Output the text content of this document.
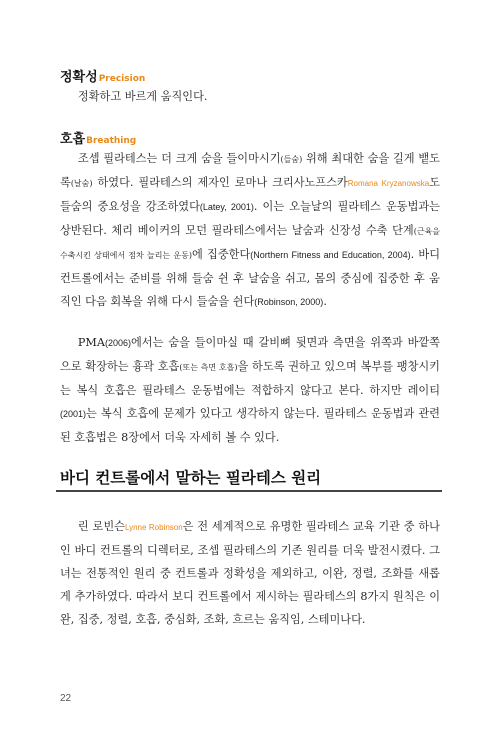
정확성Precision

정확하고 바르게 움직인다.

호흡Breathing

조셉 필라테스는 더 크게 숨을 들이마시기(들숨) 위해 최대한 숨을 길게 뱉도록(날숨) 하였다. 필라테스의 제자인 로마나 크리사노프스카Romana Kryzanowska도 들숨의 중요성을 강조하였다(Latey, 2001). 이는 오늘날의 필라테스 운동법과는 상반된다. 체리 베이커의 모던 필라테스에서는 날숨과 신장성 수축 단계(근육을 수축시킨 상태에서 점차 늘리는 운동)에 집중한다(Northern Fitness and Education, 2004). 바디 컨트롤에서는 준비를 위해 들숨 쉰 후 날숨을 쉬고, 몸의 중심에 집중한 후 움직인 다음 회복을 위해 다시 들숨을 쉰다(Robinson, 2000).

PMA(2006)에서는 숨을 들이마실 때 갈비뼈 뒷면과 측면을 위쪽과 바깥쪽으로 확장하는 흉곽 호흡(또는 측면 호흡)을 하도록 권하고 있으며 복부를 팽창시키는 복식 호흡은 필라테스 운동법에는 적합하지 않다고 본다. 하지만 레이티(2001)는 복식 호흡에 문제가 있다고 생각하지 않는다. 필라테스 운동법과 관련된 호흡법은 8장에서 더욱 자세히 볼 수 있다.

바디 컨트롤에서 말하는 필라테스 원리

린 로빈슨Lynne Robinson은 전 세계적으로 유명한 필라테스 교육 기관 중 하나인 바디 컨트롤의 디렉터로, 조셉 필라테스의 기존 원리를 더욱 발전시켰다. 그녀는 전통적인 원리 중 컨트롤과 정확성을 제외하고, 이완, 정렬, 조화를 새롭게 추가하였다. 따라서 보디 컨트롤에서 제시하는 필라테스의 8가지 원칙은 이완, 집중, 정렬, 호흡, 중심화, 조화, 흐르는 움직임, 스테미나다.

22
